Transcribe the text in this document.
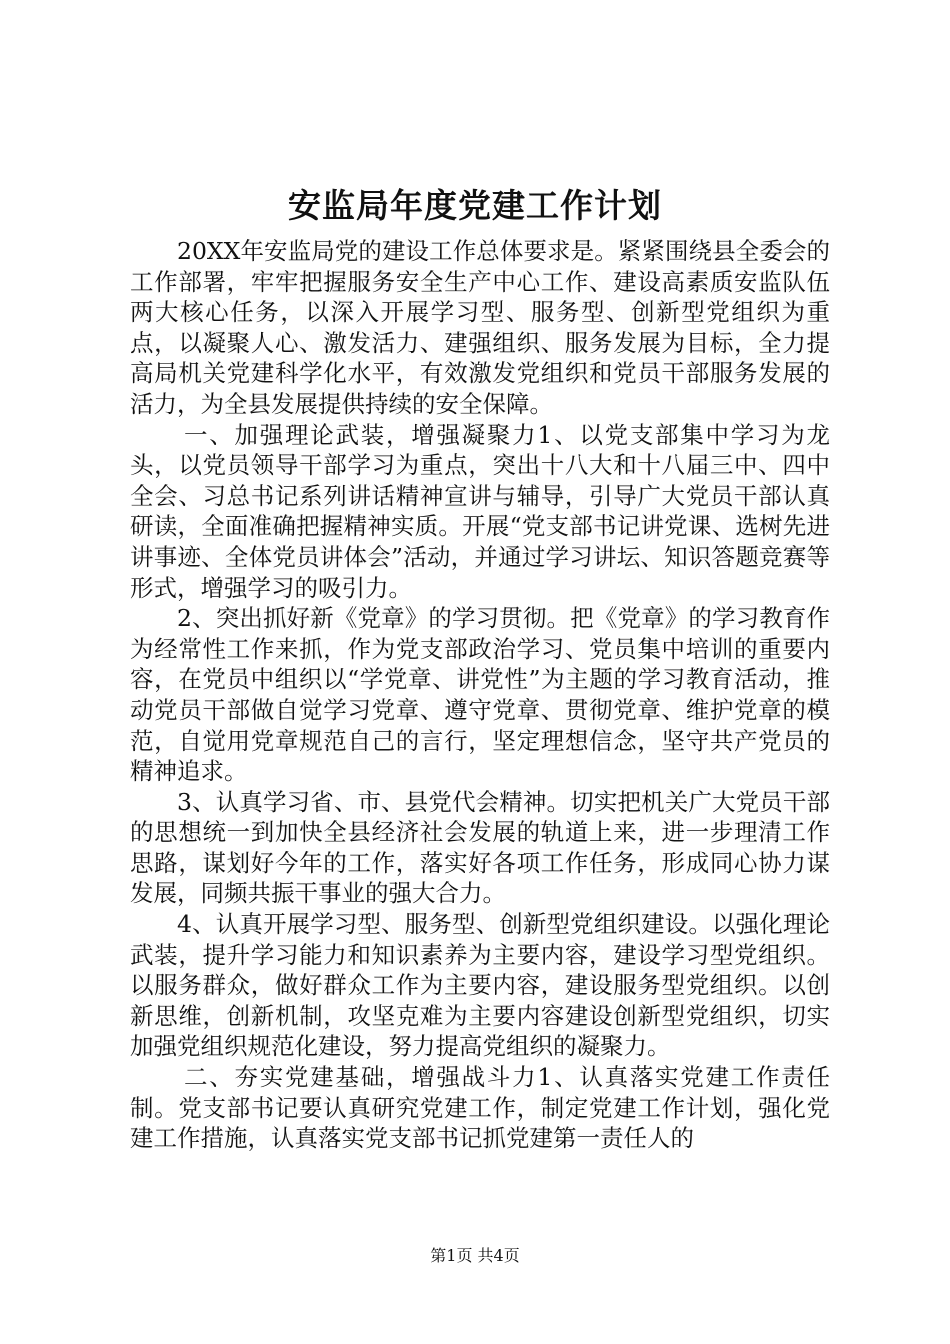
安监局年度党建工作计划

20XX年安监局党的建设工作总体要求是。紧紧围绕县全委会的工作部署，牢牢把握服务安全生产中心工作、建设高素质安监队伍两大核心任务，以深入开展学习型、服务型、创新型党组织为重点，以凝聚人心、激发活力、建强组织、服务发展为目标，全力提高局机关党建科学化水平，有效激发党组织和党员干部服务发展的活力，为全县发展提供持续的安全保障。

一、加强理论武装，增强凝聚力1、以党支部集中学习为龙头，以党员领导干部学习为重点，突出十八大和十八届三中、四中全会、习总书记系列讲话精神宣讲与辅导，引导广大党员干部认真研读，全面准确把握精神实质。开展“党支部书记讲党课、选树先进讲事迹、全体党员讲体会”活动，并通过学习讲坛、知识答题竞赛等形式，增强学习的吸引力。

2、突出抓好新《党章》的学习贯彻。把《党章》的学习教育作为经常性工作来抓，作为党支部政治学习、党员集中培训的重要内容，在党员中组织以“学党章、讲党性”为主题的学习教育活动，推动党员干部做自觉学习党章、遵守党章、贯彻党章、维护党章的模范，自觉用党章规范自己的言行，坚定理想信念，坚守共产党员的精神追求。

3、认真学习省、市、县党代会精神。切实把机关广大党员干部的思想统一到加快全县经济社会发展的轨道上来，进一步理清工作思路，谋划好今年的工作，落实好各项工作任务，形成同心协力谋发展，同频共振干事业的强大合力。

4、认真开展学习型、服务型、创新型党组织建设。以强化理论武装，提升学习能力和知识素养为主要内容，建设学习型党组织。以服务群众，做好群众工作为主要内容，建设服务型党组织。以创新思维，创新机制，攻坚克难为主要内容建设创新型党组织，切实加强党组织规范化建设，努力提高党组织的凝聚力。

二、夯实党建基础，增强战斗力1、认真落实党建工作责任制。党支部书记要认真研究党建工作，制定党建工作计划，强化党建工作措施，认真落实党支部书记抓党建第一责任人的

第1页 共4页
